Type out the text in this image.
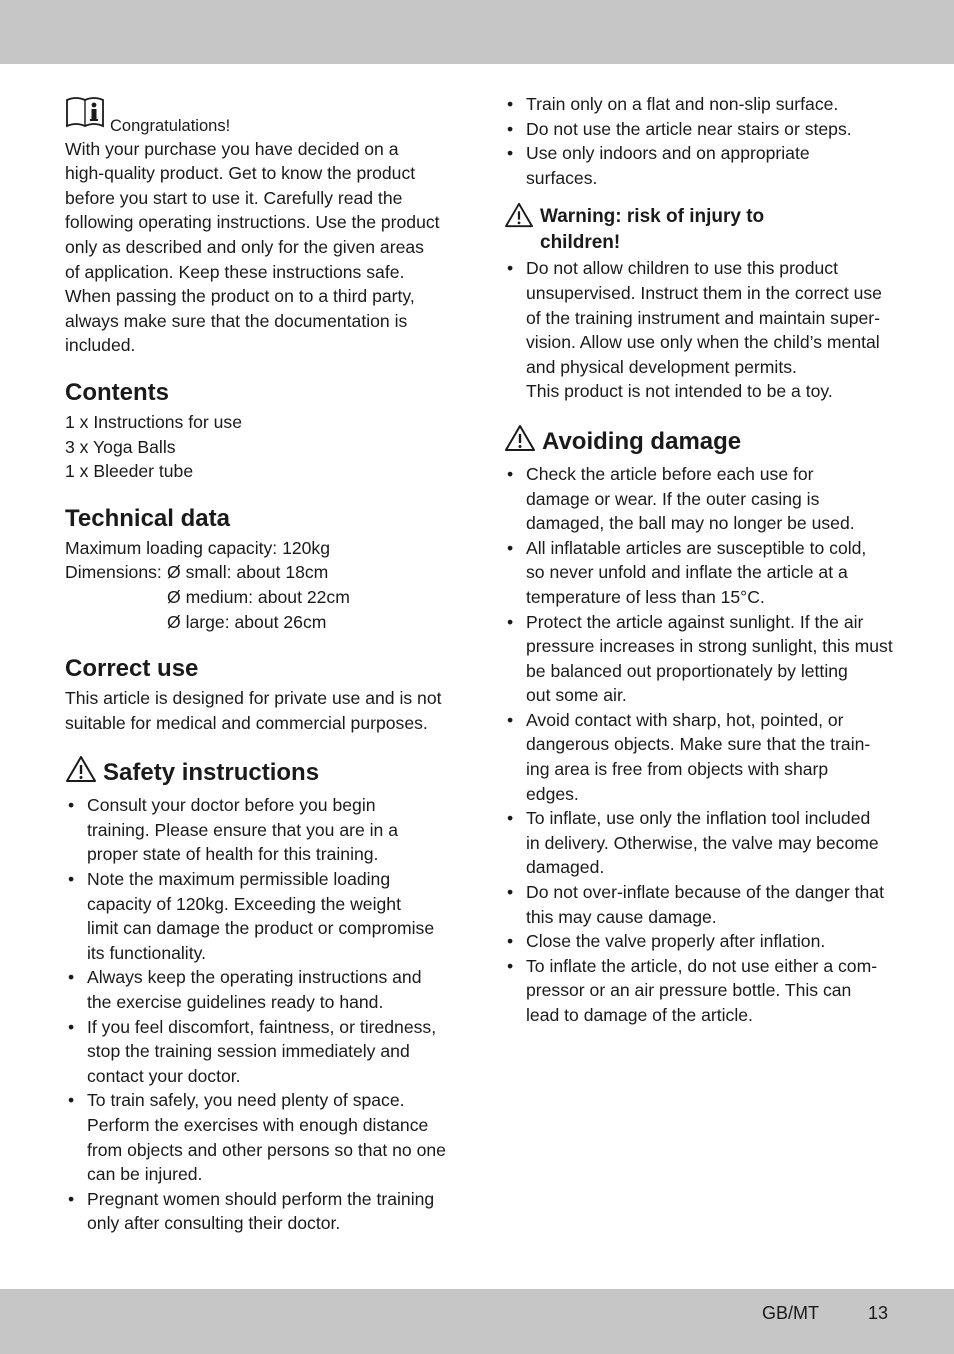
Congratulations!

With your purchase you have decided on a

high-quality product. Get to know the product

before you start to use it. Carefully read the

following operating instructions. Use the product

only as described and only for the given areas

of application. Keep these instructions safe.

When passing the product on to a third party,

always make sure that the documentation is

included.

Contents

1 x Instructions for use

3 x Yoga Balls

1 x Bleeder tube

Technical data

Maximum loading capacity: 120kg

Dimensions: Ø small: about 18cm
Ø medium: about 22cm
Ø large: about 26cm
Correct use

This article is designed for private use and is not

suitable for medical and commercial purposes.

Safety instructions
• Consult your doctor before you begin
training. Please ensure that you are in a
proper state of health for this training.
• Note the maximum permissible loading
capacity of 120kg. Exceeding the weight
limit can damage the product or compromise
its functionality.
• Always keep the operating instructions and
the exercise guidelines ready to hand.
• If you feel discomfort, faintness, or tiredness,
stop the training session immediately and
contact your doctor.
• To train safely, you need plenty of space.
Perform the exercises with enough distance
from objects and other persons so that no one
can be injured.
• Pregnant women should perform the training
only after consulting their doctor.
• Train only on a flat and non-slip surface.
• Do not use the article near stairs or steps.
• Use only indoors and on appropriate
surfaces.
Warning: risk of injury to
children!
• Do not allow children to use this product
unsupervised. Instruct them in the correct use
of the training instrument and maintain super-
vision. Allow use only when the child’s mental
and physical development permits.

This product is not intended to be a toy.

Avoiding damage
• Check the article before each use for
damage or wear. If the outer casing is
damaged, the ball may no longer be used.
• All inflatable articles are susceptible to cold,
so never unfold and inflate the article at a
temperature of less than 15°C.
• Protect the article against sunlight. If the air
pressure increases in strong sunlight, this must
be balanced out proportionately by letting
out some air.
• Avoid contact with sharp, hot, pointed, or
dangerous objects. Make sure that the train-
ing area is free from objects with sharp
edges.
• To inflate, use only the inflation tool included
in delivery. Otherwise, the valve may become
damaged.
• Do not over-inflate because of the danger that
this may cause damage.
• Close the valve properly after inflation.
• To inflate the article, do not use either a com-
pressor or an air pressure bottle. This can
lead to damage of the article.
GB/MT	13
